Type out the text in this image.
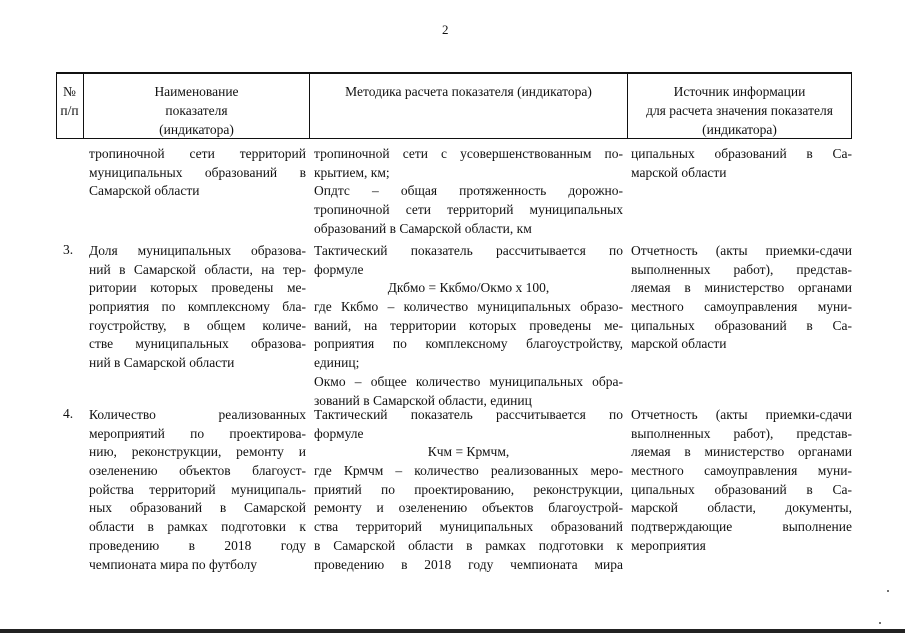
2
№
п/п
Наименование
показателя
(индикатора)
Методика расчета показателя (индикатора)	Источник информации
для расчета значения показателя
(индикатора)
тропиночной сети территорий
муниципальных образований в
Самарской области
тропиночной сети с усовершенствованным по-
крытием, км;
Oпдтс – общая протяженность дорожно-
тропиночной сети территорий муниципальных
образований в Самарской области, км
ципальных образований в Са-
марской области
3. Доля муниципальных образова-
ний в Самарской области, на тер-
ритории которых проведены ме-
роприятия по комплексному бла-
гоустройству, в общем количе-
стве муниципальных образова-
ний в Самарской области
Тактический показатель рассчитывается по
формуле
Дкбмо = Ккбмо/Окмо х 100,
где Ккбмо – количество муниципальных образо-
ваний, на территории которых проведены ме-
роприятия по комплексному благоустройству,
единиц;
Окмо – общее количество муниципальных обра-
зований в Самарской области, единиц
Отчетность (акты приемки-сдачи
выполненных работ), представ-
ляемая в министерство органами
местного самоуправления муни-
ципальных образований в Са-
марской области
4. Количество реализованных
мероприятий по проектирова-
нию, реконструкции, ремонту и
озеленению объектов благоуст-
ройства территорий муниципаль-
ных образований в Самарской
области в рамках подготовки к
проведению в 2018 году
чемпионата мира по футболу
Тактический показатель рассчитывается по
формуле
Кчм = Крмчм,
где Крмчм – количество реализованных меро-
приятий по проектированию, реконструкции,
ремонту и озеленению объектов благоустрой-
ства территорий муниципальных образований
в Самарской области в рамках подготовки к
проведению в 2018 году чемпионата мира
Отчетность (акты приемки-сдачи
выполненных работ), представ-
ляемая в министерство органами
местного самоуправления муни-
ципальных образований в Са-
марской области, документы,
подтверждающие выполнение
мероприятия
